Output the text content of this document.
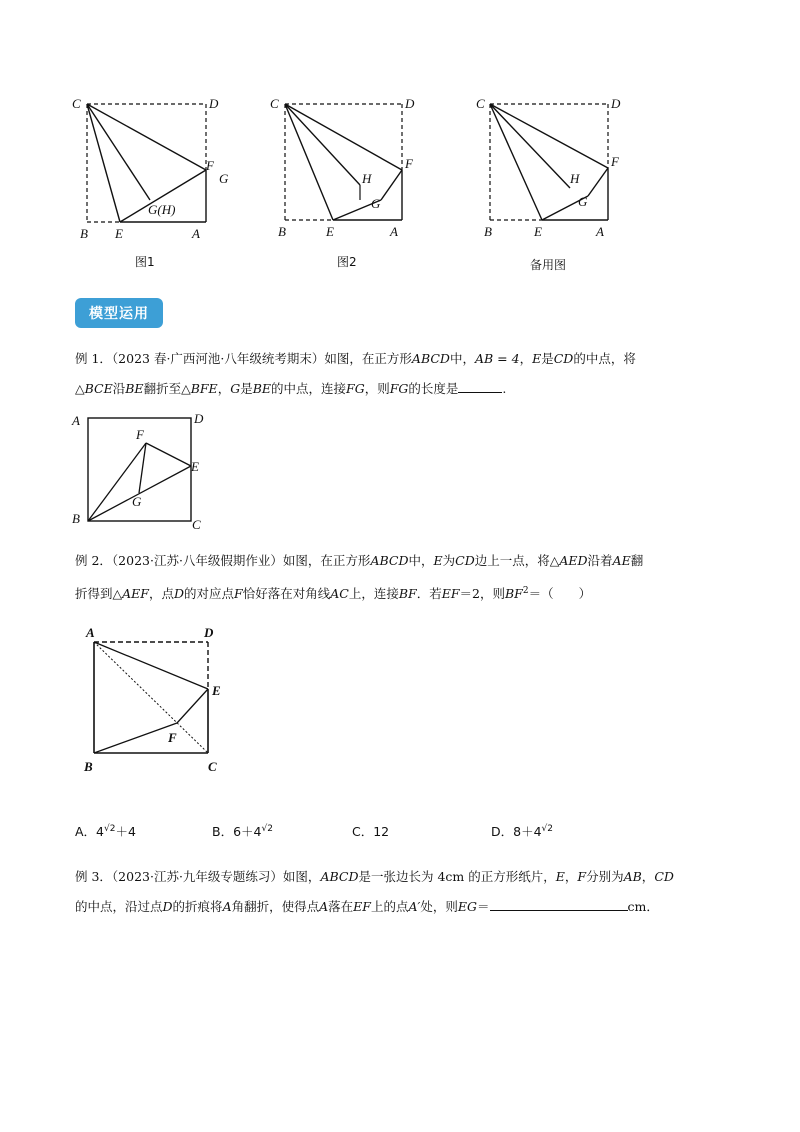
C	D
F
G
G(H)
B E	A
C	D
F
H
G
B	E	A
C	D
F
H
G
B	E	A
图1	图2	备用图
模型运用
例 1．（2023 春·广西河池·八年级统考期末）如图，在正方形ABCD中，AB = 4，E是CD的中点，将
△BCE沿BE翻折至△BFE，G是BE的中点，连接FG，则FG的长度是	.
A	D
F
E
G
B	C
例 2．（2023·江苏·八年级假期作业）如图，在正方形ABCD中，E为CD边上一点，将△AED沿着AE翻
折得到△AEF，点D的对应点F恰好落在对角线AC上，连接BF．若EF＝2，则$BF^2=$（　　）
A	D
E
F
B	C
A．$4^{√2}+4$	B．$6+4^{√2}$	C．12	D．$8+4^{√2}$
例 3．（2023·江苏·九年级专题练习）如图，ABCD是一张边长为 4cm 的正方形纸片，E，F分别为AB，CD
的中点，沿过点D的折痕将A角翻折，使得点A落在EF上的点A′处，则EG＝	cm．
